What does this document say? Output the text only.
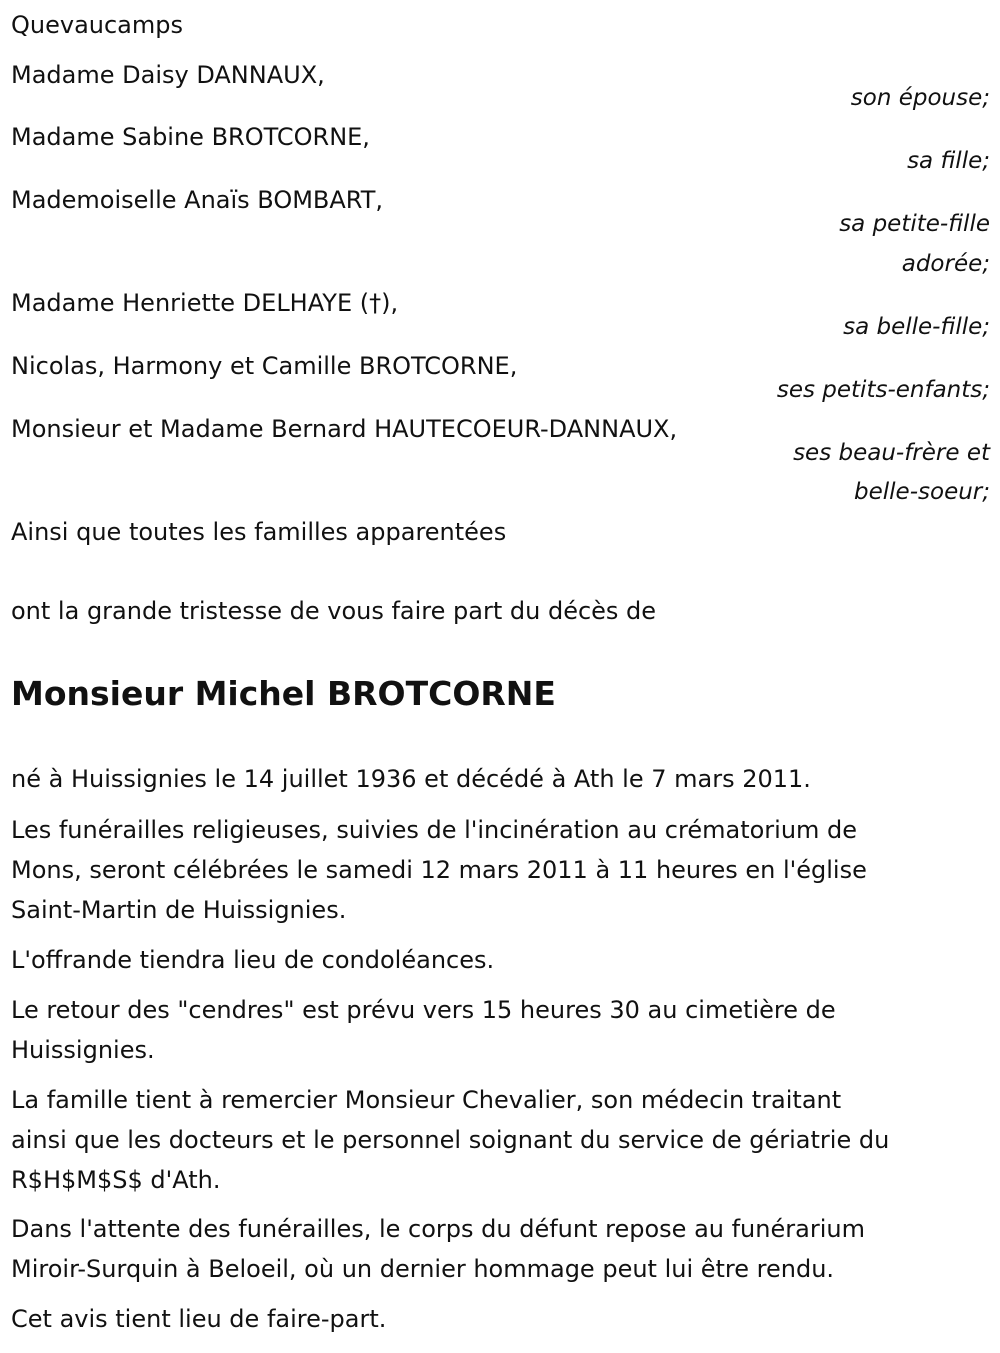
Quevaucamps
Madame Daisy DANNAUX,
son épouse;
Madame Sabine BROTCORNE,
sa fille;
Mademoiselle Anaïs BOMBART,
sa petite-fille
adorée;
Madame Henriette DELHAYE (†),
sa belle-fille;
Nicolas, Harmony et Camille BROTCORNE,
ses petits-enfants;
Monsieur et Madame Bernard HAUTECOEUR-DANNAUX,
ses beau-frère et
belle-soeur;
Ainsi que toutes les familles apparentées
ont la grande tristesse de vous faire part du décès de
Monsieur Michel BROTCORNE
né à Huissignies le 14 juillet 1936 et décédé à Ath le 7 mars 2011.
Les funérailles religieuses, suivies de l'incinération au crématorium de
Mons, seront célébrées le samedi 12 mars 2011 à 11 heures en l'église
Saint-Martin de Huissignies.
L'offrande tiendra lieu de condoléances.
Le retour des "cendres" est prévu vers 15 heures 30 au cimetière de
Huissignies.
La famille tient à remercier Monsieur Chevalier, son médecin traitant
ainsi que les docteurs et le personnel soignant du service de gériatrie du
R$H$M$S$ d'Ath.
Dans l'attente des funérailles, le corps du défunt repose au funérarium
Miroir-Surquin à Beloeil, où un dernier hommage peut lui être rendu.
Cet avis tient lieu de faire-part.
